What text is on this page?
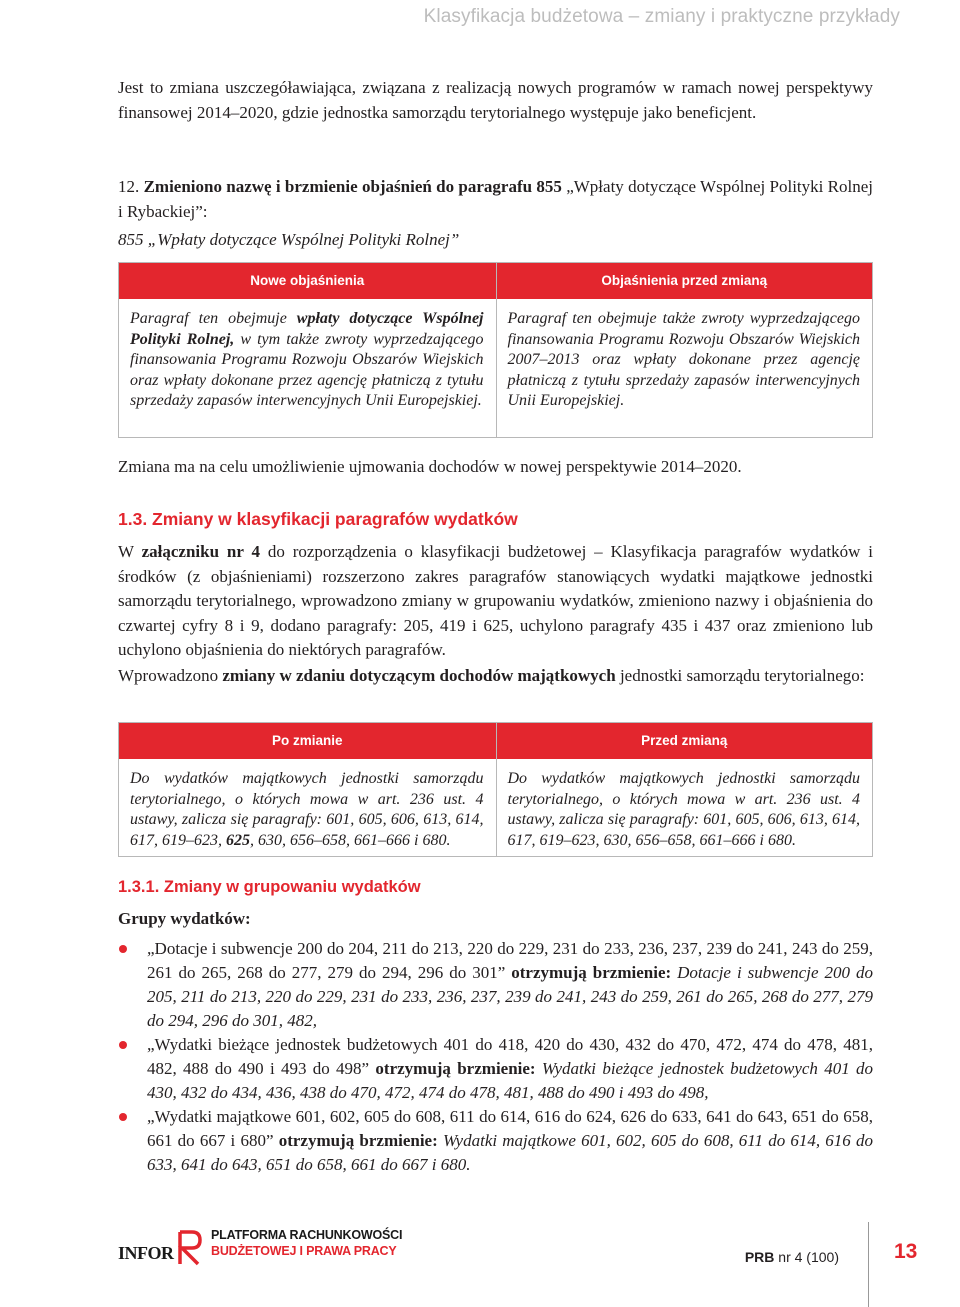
Klasyfikacja budżetowa – zmiany i praktyczne przykłady

Jest to zmiana uszczegóławiająca, związana z realizacją nowych programów w ramach nowej perspektywy finansowej 2014–2020, gdzie jednostka samorządu terytorialnego występuje jako beneficjent.

12. Zmieniono nazwę i brzmienie objaśnień do paragrafu 855 „Wpłaty dotyczące Wspólnej Polityki Rolnej i Rybackiej”:

855 „Wpłaty dotyczące Wspólnej Polityki Rolnej”

Nowe objaśnienia
Paragraf ten obejmuje wpłaty dotyczące Wspólnej Polityki Rolnej, w tym także zwroty wyprzedzającego finansowania Programu Rozwoju Obszarów Wiejskich oraz wpłaty dokonane przez agencję płatniczą z tytułu sprzedaży zapasów interwencyjnych Unii Europejskiej.
Objaśnienia przed zmianą
Paragraf ten obejmuje także zwroty wyprzedzającego finansowania Programu Rozwoju Obszarów Wiejskich 2007–2013 oraz wpłaty dokonane przez agencję płatniczą z tytułu sprzedaży zapasów interwencyjnych Unii Europejskiej.

Zmiana ma na celu umożliwienie ujmowania dochodów w nowej perspektywie 2014–2020.

1.3. Zmiany w klasyfikacji paragrafów wydatków

W załączniku nr 4 do rozporządzenia o klasyfikacji budżetowej – Klasyfikacja paragrafów wydatków i środków (z objaśnieniami) rozszerzono zakres paragrafów stanowiących wydatki majątkowe jednostki samorządu terytorialnego, wprowadzono zmiany w grupowaniu wydatków, zmieniono nazwy i objaśnienia do czwartej cyfry 8 i 9, dodano paragrafy: 205, 419 i 625, uchylono paragrafy 435 i 437 oraz zmieniono lub uchylono objaśnienia do niektórych paragrafów.

Wprowadzono zmiany w zdaniu dotyczącym dochodów majątkowych jednostki samorządu terytorialnego:

Po zmianie
Do wydatków majątkowych jednostki samorządu terytorialnego, o których mowa w art. 236 ust. 4 ustawy, zalicza się paragrafy: 601, 605, 606, 613, 614, 617, 619–623, 625, 630, 656–658, 661–666 i 680.
Przed zmianą
Do wydatków majątkowych jednostki samorządu terytorialnego, o których mowa w art. 236 ust. 4 ustawy, zalicza się paragrafy: 601, 605, 606, 613, 614, 617, 619–623, 630, 656–658, 661–666 i 680.
1.3.1. Zmiany w grupowaniu wydatków
Grupy wydatków:
„Dotacje i subwencje 200 do 204, 211 do 213, 220 do 229, 231 do 233, 236, 237, 239 do 241, 243 do 259, 261 do 265, 268 do 277, 279 do 294, 296 do 301” otrzymują brzmienie: Dotacje i subwencje 200 do 205, 211 do 213, 220 do 229, 231 do 233, 236, 237, 239 do 241, 243 do 259, 261 do 265, 268 do 277, 279 do 294, 296 do 301, 482,
„Wydatki bieżące jednostek budżetowych 401 do 418, 420 do 430, 432 do 470, 472, 474 do 478, 481, 482, 488 do 490 i 493 do 498” otrzymują brzmienie: Wydatki bieżące jednostek budżetowych 401 do 430, 432 do 434, 436, 438 do 470, 472, 474 do 478, 481, 488 do 490 i 493 do 498,
„Wydatki majątkowe 601, 602, 605 do 608, 611 do 614, 616 do 624, 626 do 633, 641 do 643, 651 do 658, 661 do 667 i 680” otrzymują brzmienie: Wydatki majątkowe 601, 602, 605 do 608, 611 do 614, 616 do 633, 641 do 643, 651 do 658, 661 do 667 i 680.
INFOR
PLATFORMA RACHUNKOWOŚCI
BUDŻETOWEJ I PRAWA PRACY	PRB nr 4 (100)	13
